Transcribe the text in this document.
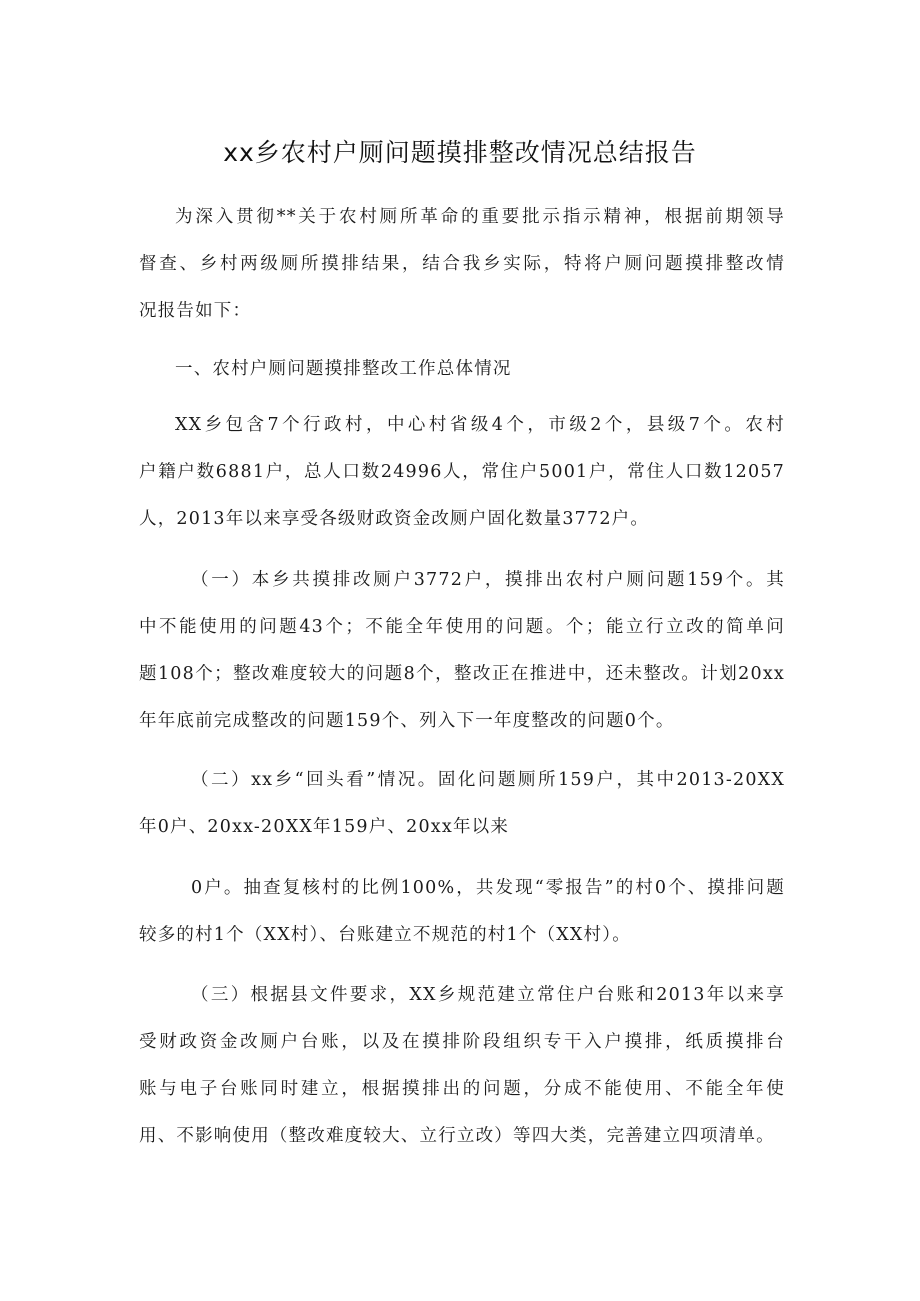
xx乡农村户厕问题摸排整改情况总结报告
为深入贯彻**关于农村厕所革命的重要批示指示精神，根据前期领导
督查、乡村两级厕所摸排结果，结合我乡实际，特将户厕问题摸排整改情
况报告如下：
一、农村户厕问题摸排整改工作总体情况
XX乡包含7个行政村，中心村省级4个，市级2个，县级7个。农村
户籍户数6881户，总人口数24996人，常住户5001户，常住人口数12057
人，2013年以来享受各级财政资金改厕户固化数量3772户。
（一）本乡共摸排改厕户3772户，摸排出农村户厕问题159个。其
中不能使用的问题43个；不能全年使用的问题。个；能立行立改的简单问
题108个；整改难度较大的问题8个，整改正在推进中，还未整改。计划20xx
年年底前完成整改的问题159个、列入下一年度整改的问题0个。
（二）xx乡“回头看”情况。固化问题厕所159户，其中2013-20XX
年0户、20xx-20XX年159户、20xx年以来
0户。抽查复核村的比例100%，共发现“零报告”的村0个、摸排问题
较多的村1个（XX村）、台账建立不规范的村1个（XX村）。
（三）根据县文件要求，XX乡规范建立常住户台账和2013年以来享
受财政资金改厕户台账，以及在摸排阶段组织专干入户摸排，纸质摸排台
账与电子台账同时建立，根据摸排出的问题，分成不能使用、不能全年使
用、不影响使用（整改难度较大、立行立改）等四大类，完善建立四项清单。
